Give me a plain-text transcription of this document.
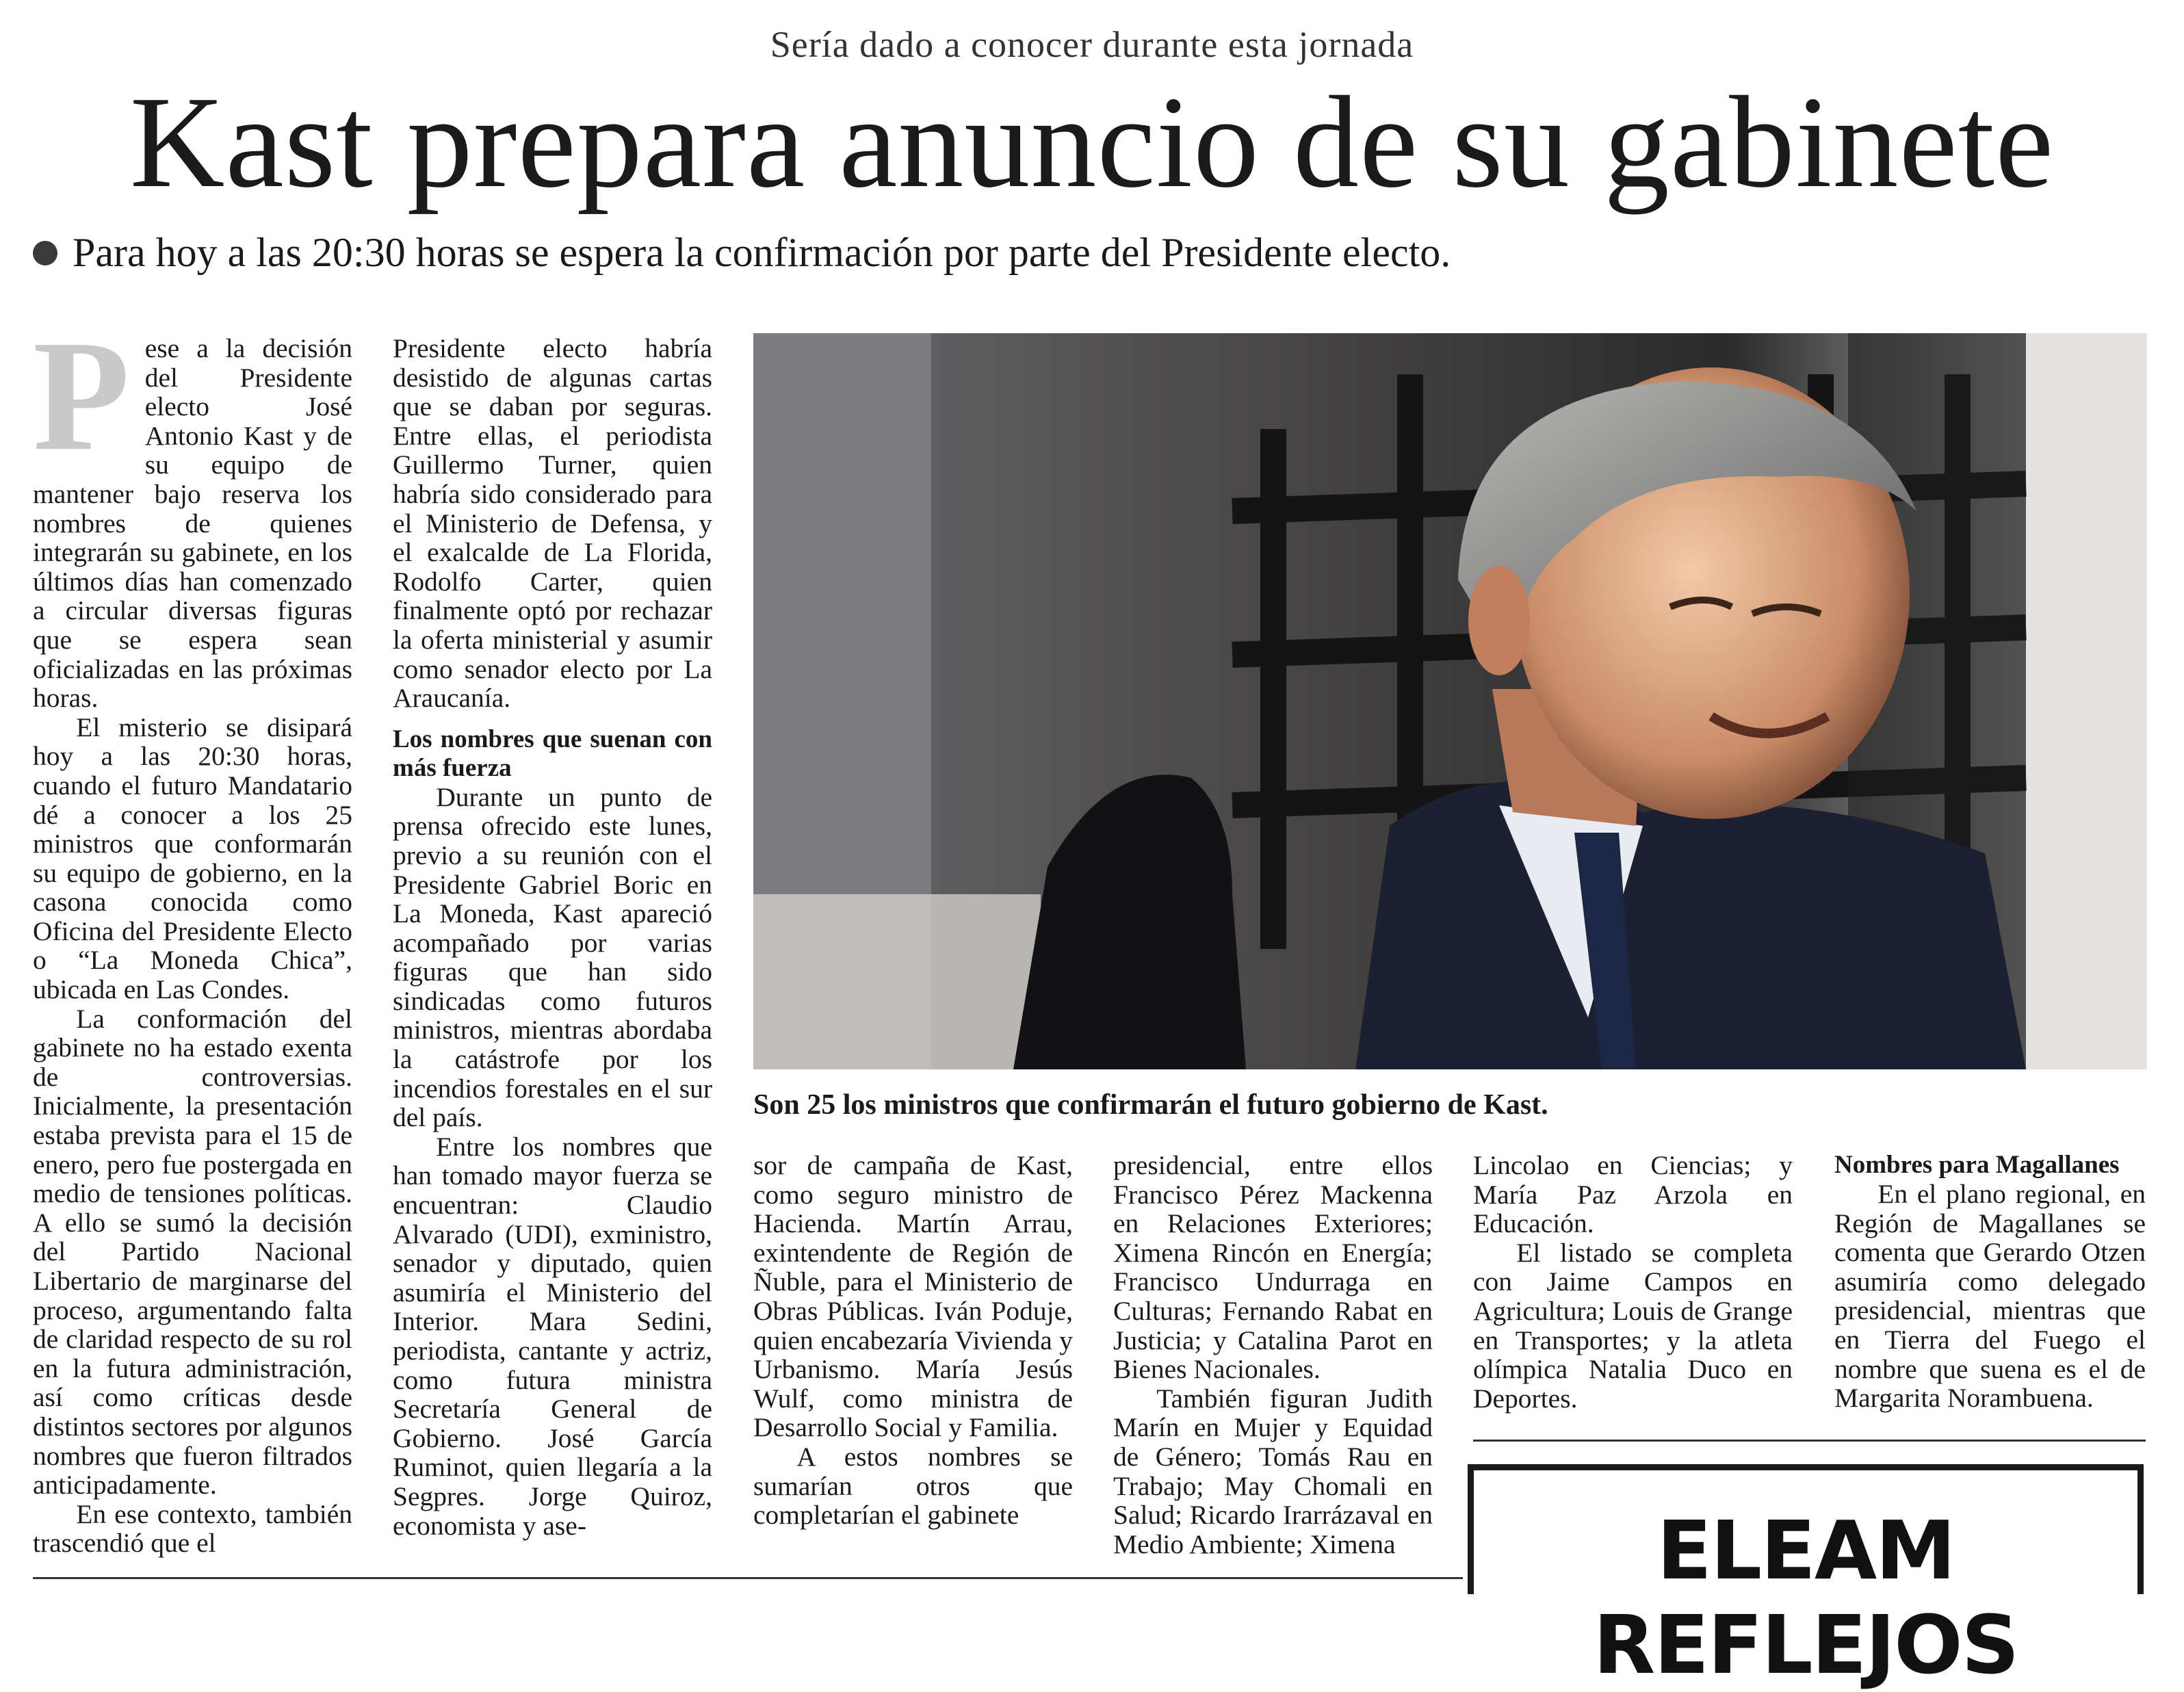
Sería dado a conocer durante esta jornada
Kast prepara anuncio de su gabinete
Para hoy a las 20:30 horas se espera la confirmación por parte del Presidente electo.
P ese a la decisión del Presidente electo José Antonio Kast y de su equipo de mantener bajo reserva los nombres de quienes integrarán su gabinete, en los últimos días han comenzado a circular diversas figuras que se espera sean oficializadas en las próximas horas.

El misterio se disipará hoy a las 20:30 horas, cuando el futuro Mandatario dé a conocer a los 25 ministros que conformarán su equipo de gobierno, en la casona conocida como Oficina del Presidente Electo o “La Moneda Chica”, ubicada en Las Condes.

La conformación del gabinete no ha estado exenta de controversias. Inicialmente, la presentación estaba prevista para el 15 de enero, pero fue postergada en medio de tensiones políticas. A ello se sumó la decisión del Partido Nacional Libertario de marginarse del proceso, argumentando falta de claridad respecto de su rol en la futura administración, así como críticas desde distintos sectores por algunos nombres que fueron filtrados anticipadamente.

En ese contexto, también trascendió que el

Presidente electo habría desistido de algunas cartas que se daban por seguras. Entre ellas, el periodista Guillermo Turner, quien habría sido considerado para el Ministerio de Defensa, y el exalcalde de La Florida, Rodolfo Carter, quien finalmente optó por rechazar la oferta ministerial y asumir como senador electo por La Araucanía.

Los nombres que suenan con más fuerza

Durante un punto de prensa ofrecido este lunes, previo a su reunión con el Presidente Gabriel Boric en La Moneda, Kast apareció acompañado por varias figuras que han sido sindicadas como futuros ministros, mientras abordaba la catástrofe por los incendios forestales en el sur del país.

Entre los nombres que han tomado mayor fuerza se encuentran: Claudio Alvarado (UDI), exministro, senador y diputado, quien asumiría el Ministerio del Interior. Mara Sedini, periodista, cantante y actriz, como futura ministra Secretaría General de Gobierno. José García Ruminot, quien llegaría a la Segpres. Jorge Quiroz, economista y ase-

Son 25 los ministros que confirmarán el futuro gobierno de Kast.

sor de campaña de Kast, como seguro ministro de Hacienda. Martín Arrau, exintendente de Región de Ñuble, para el Ministerio de Obras Públicas. Iván Poduje, quien encabezaría Vivienda y Urbanismo. María Jesús Wulf, como ministra de Desarrollo Social y Familia.

A estos nombres se sumarían otros que completarían el gabinete

presidencial, entre ellos Francisco Pérez Mackenna en Relaciones Exteriores; Ximena Rincón en Energía; Francisco Undurraga en Culturas; Fernando Rabat en Justicia; y Catalina Parot en Bienes Nacionales.

También figuran Judith Marín en Mujer y Equidad de Género; Tomás Rau en Trabajo; May Chomali en Salud; Ricardo Irarrázaval en Medio Ambiente; Ximena

Lincolao en Ciencias; y María Paz Arzola en Educación.

El listado se completa con Jaime Campos en Agricultura; Louis de Grange en Transportes; y la atleta olímpica Natalia Duco en Deportes.

Nombres para Magallanes

En el plano regional, en Región de Magallanes se comenta que Gerardo Otzen asumiría como delegado presidencial, mientras que en Tierra del Fuego el nombre que suena es el de Margarita Norambuena.

ELEAM REFLEJOS
